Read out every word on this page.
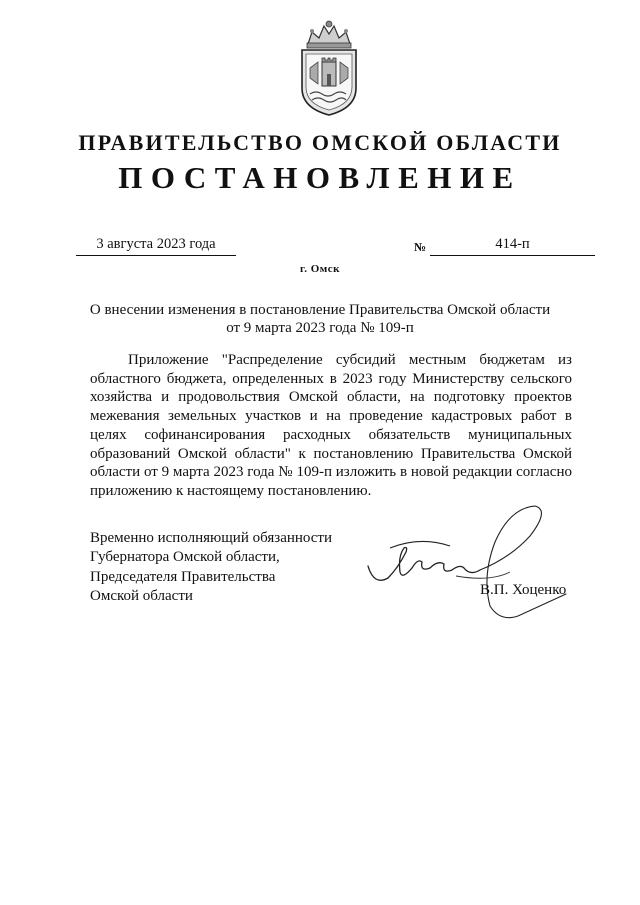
ПРАВИТЕЛЬСТВО ОМСКОЙ ОБЛАСТИ
ПОСТАНОВЛЕНИЕ
3 августа 2023 года	№	414-п
г. Омск
О внесении изменения в постановление Правительства Омской области
от 9 марта 2023 года № 109-п
Приложение "Распределение субсидий местным бюджетам из областного бюджета, определенных в 2023 году Министерству сельского хозяйства и продовольствия Омской области, на подготовку проектов межевания земельных участков и на проведение кадастровых работ в целях софинансирования расходных обязательств муниципальных образований Омской области" к постановлению Правительства Омской области от 9 марта 2023 года № 109-п изложить в новой редакции согласно приложению к настоящему постановлению.
Временно исполняющий обязанности
Губернатора Омской области,
Председателя Правительства
Омской области	В.П. Хоценко
